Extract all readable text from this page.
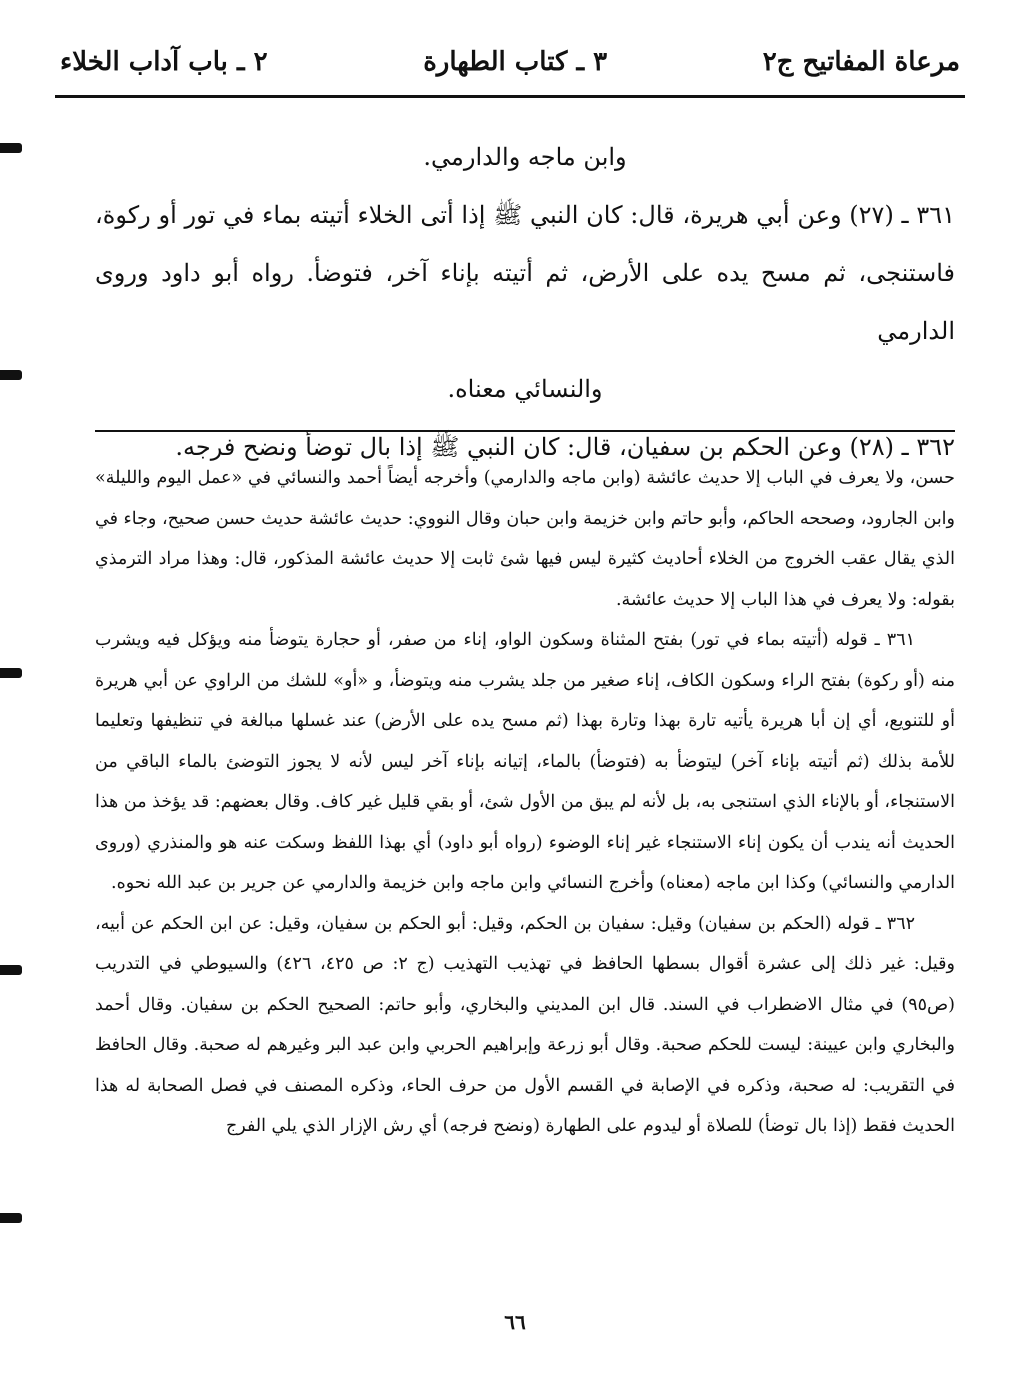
مرعاة المفاتيح ج٢
٣ ـ كتاب الطهارة
٢ ـ باب آداب الخلاء

وابن ماجه والدارمي.

٣٦١ ـ (٢٧) وعن أبي هريرة، قال: كان النبي ﷺ إذا أتى الخلاء أتيته بماء في تور أو ركوة، فاستنجى، ثم مسح يده على الأرض، ثم أتيته بإناء آخر، فتوضأ. رواه أبو داود وروى الدارمي

والنسائي معناه.

٣٦٢ ـ (٢٨) وعن الحكم بن سفيان، قال: كان النبي ﷺ إذا بال توضأ ونضح فرجه.

حسن، ولا يعرف في الباب إلا حديث عائشة (وابن ماجه والدارمي) وأخرجه أيضاً أحمد والنسائي في «عمل اليوم والليلة» وابن الجارود، وصححه الحاكم، وأبو حاتم وابن خزيمة وابن حبان وقال النووي: حديث عائشة حديث حسن صحيح، وجاء في الذي يقال عقب الخروج من الخلاء أحاديث كثيرة ليس فيها شئ ثابت إلا حديث عائشة المذكور، قال: وهذا مراد الترمذي بقوله: ولا يعرف في هذا الباب إلا حديث عائشة.

٣٦١ ـ قوله (أتيته بماء في تور) بفتح المثناة وسكون الواو، إناء من صفر، أو حجارة يتوضأ منه ويؤكل فيه ويشرب منه (أو ركوة) بفتح الراء وسكون الكاف، إناء صغير من جلد يشرب منه ويتوضأ، و «أو» للشك من الراوي عن أبي هريرة أو للتنويع، أي إن أبا هريرة يأتيه تارة بهذا وتارة بهذا (ثم مسح يده على الأرض) عند غسلها مبالغة في تنظيفها وتعليما للأمة بذلك (ثم أتيته بإناء آخر) ليتوضأ به (فتوضأ) بالماء، إتيانه بإناء آخر ليس لأنه لا يجوز التوضئ بالماء الباقي من الاستنجاء، أو بالإناء الذي استنجى به، بل لأنه لم يبق من الأول شئ، أو بقي قليل غير كاف. وقال بعضهم: قد يؤخذ من هذا الحديث أنه يندب أن يكون إناء الاستنجاء غير إناء الوضوء (رواه أبو داود) أي بهذا اللفظ وسكت عنه هو والمنذري (وروى الدارمي والنسائي) وكذا ابن ماجه (معناه) وأخرج النسائي وابن ماجه وابن خزيمة والدارمي عن جرير بن عبد الله نحوه.

٣٦٢ ـ قوله (الحكم بن سفيان) وقيل: سفيان بن الحكم، وقيل: أبو الحكم بن سفيان، وقيل: عن ابن الحكم عن أبيه، وقيل: غير ذلك إلى عشرة أقوال بسطها الحافظ في تهذيب التهذيب (ج ٢: ص ٤٢٥، ٤٢٦) والسيوطي في التدريب (ص٩٥) في مثال الاضطراب في السند. قال ابن المديني والبخاري، وأبو حاتم: الصحيح الحكم بن سفيان. وقال أحمد والبخاري وابن عيينة: ليست للحكم صحبة. وقال أبو زرعة وإبراهيم الحربي وابن عبد البر وغيرهم له صحبة. وقال الحافظ في التقريب: له صحبة، وذكره في الإصابة في القسم الأول من حرف الحاء، وذكره المصنف في فصل الصحابة له هذا الحديث فقط (إذا بال توضأ) للصلاة أو ليدوم على الطهارة (ونضح فرجه) أي رش الإزار الذي يلي الفرج

٦٦
